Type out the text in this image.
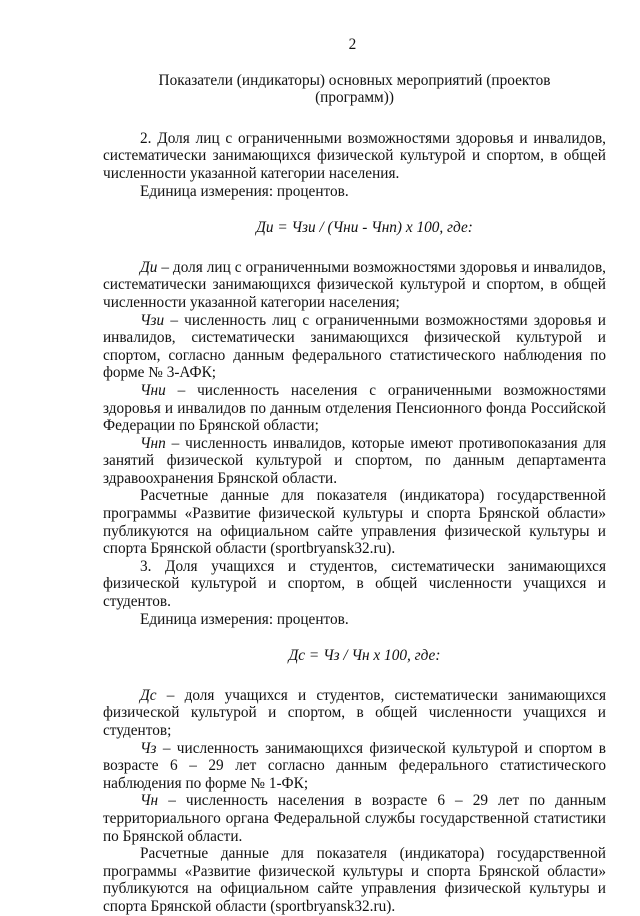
2
Показатели (индикаторы) основных мероприятий (проектов (программ))
2. Доля лиц с ограниченными возможностями здоровья и инвалидов, систематически занимающихся физической культурой и спортом, в общей численности указанной категории населения.
Единица измерения: процентов.
Ди = Чзи / (Чни - Чнп) х 100, где:
Ди – доля лиц с ограниченными возможностями здоровья и инвалидов, систематически занимающихся физической культурой и спортом, в общей численности указанной категории населения;
Чзи – численность лиц с ограниченными возможностями здоровья и инвалидов, систематически занимающихся физической культурой и спортом, согласно данным федерального статистического наблюдения по форме № 3-АФК;
Чни – численность населения с ограниченными возможностями здоровья и инвалидов по данным отделения Пенсионного фонда Российской Федерации по Брянской области;
Чнп – численность инвалидов, которые имеют противопоказания для занятий физической культурой и спортом, по данным департамента здравоохранения Брянской области.
Расчетные данные для показателя (индикатора) государственной программы «Развитие физической культуры и спорта Брянской области» публикуются на официальном сайте управления физической культуры и спорта Брянской области (sportbryansk32.ru).
3. Доля учащихся и студентов, систематически занимающихся физической культурой и спортом, в общей численности учащихся и студентов.
Единица измерения: процентов.
Дс = Чз / Чн х 100, где:
Дс – доля учащихся и студентов, систематически занимающихся физической культурой и спортом, в общей численности учащихся и студентов;
Чз – численность занимающихся физической культурой и спортом в возрасте 6 – 29 лет согласно данным федерального статистического наблюдения по форме № 1-ФК;
Чн – численность населения в возрасте 6 – 29 лет по данным территориального органа Федеральной службы государственной статистики по Брянской области.
Расчетные данные для показателя (индикатора) государственной программы «Развитие физической культуры и спорта Брянской области» публикуются на официальном сайте управления физической культуры и спорта Брянской области (sportbryansk32.ru).
